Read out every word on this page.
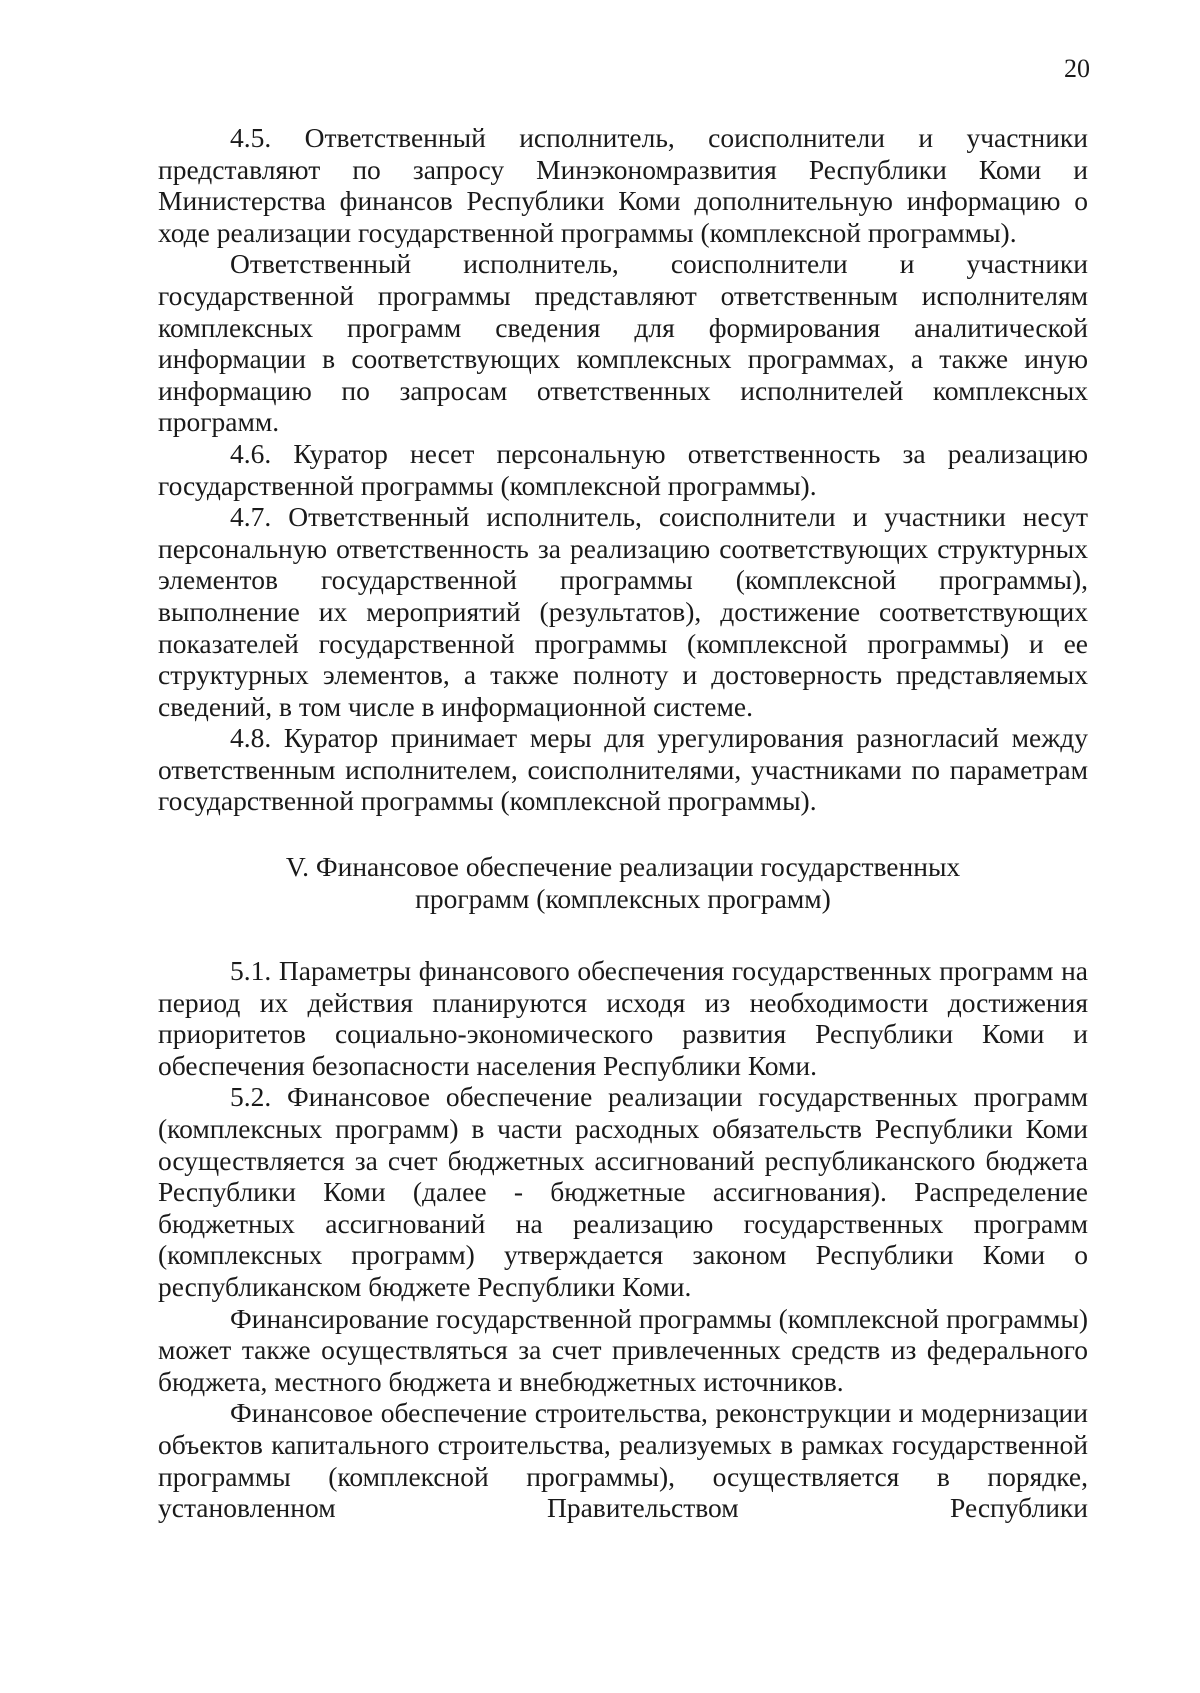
20

4.5. Ответственный исполнитель, соисполнители и участники представляют по запросу Минэкономразвития Республики Коми и Министерства финансов Республики Коми дополнительную информацию о ходе реализации государственной программы (комплексной программы).

Ответственный исполнитель, соисполнители и участники государственной программы представляют ответственным исполнителям комплексных программ сведения для формирования аналитической информации в соответствующих комплексных программах, а также иную информацию по запросам ответственных исполнителей комплексных программ.

4.6. Куратор несет персональную ответственность за реализацию государственной программы (комплексной программы).

4.7. Ответственный исполнитель, соисполнители и участники несут персональную ответственность за реализацию соответствующих структурных элементов государственной программы (комплексной программы), выполнение их мероприятий (результатов), достижение соответствующих показателей государственной программы (комплексной программы) и ее структурных элементов, а также полноту и достоверность представляемых сведений, в том числе в информационной системе.

4.8. Куратор принимает меры для урегулирования разногласий между ответственным исполнителем, соисполнителями, участниками по параметрам государственной программы (комплексной программы).

V. Финансовое обеспечение реализации государственных
программ (комплексных программ)

5.1. Параметры финансового обеспечения государственных программ на период их действия планируются исходя из необходимости достижения приоритетов социально-экономического развития Республики Коми и обеспечения безопасности населения Республики Коми.

5.2. Финансовое обеспечение реализации государственных программ (комплексных программ) в части расходных обязательств Республики Коми осуществляется за счет бюджетных ассигнований республиканского бюджета Республики Коми (далее - бюджетные ассигнования). Распределение бюджетных ассигнований на реализацию государственных программ (комплексных программ) утверждается законом Республики Коми о республиканском бюджете Республики Коми.

Финансирование государственной программы (комплексной программы) может также осуществляться за счет привлеченных средств из федерального бюджета, местного бюджета и внебюджетных источников.

Финансовое обеспечение строительства, реконструкции и модернизации объектов капитального строительства, реализуемых в рамках государственной программы (комплексной программы), осуществляется в порядке, установленном Правительством Республики
